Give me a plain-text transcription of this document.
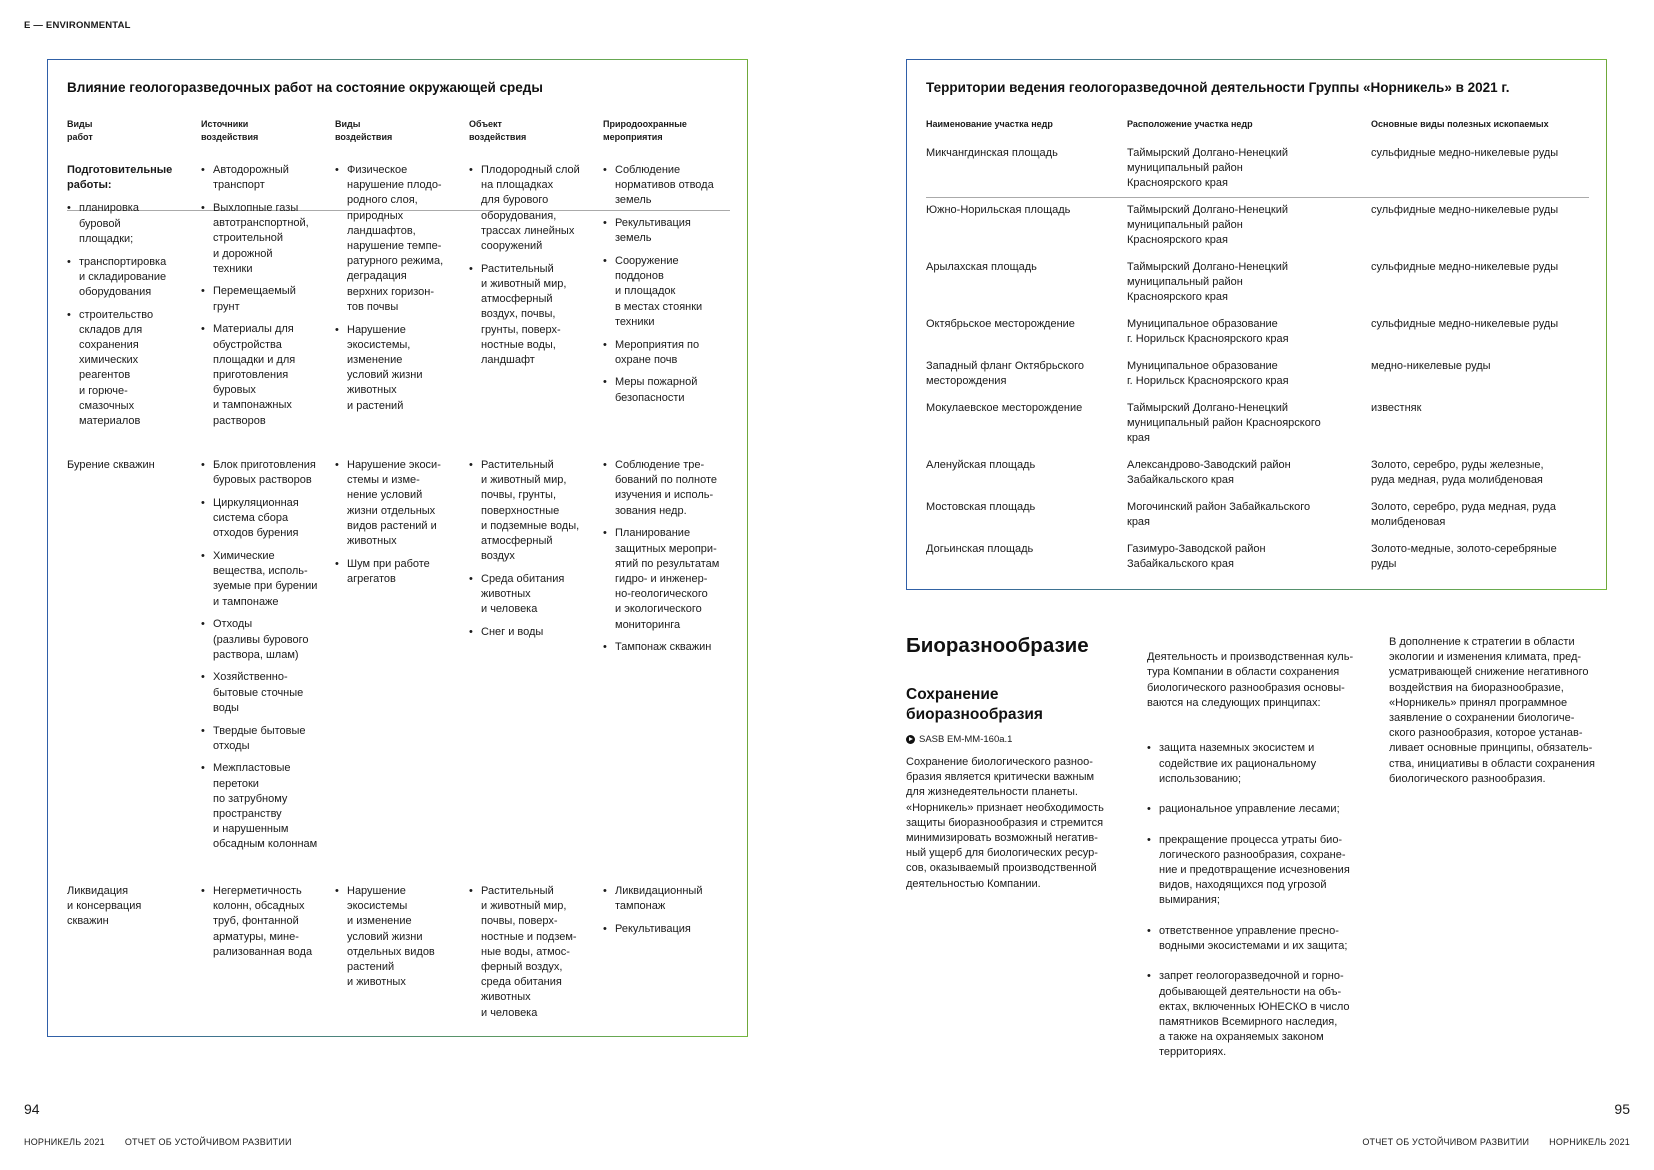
E — ENVIRONMENTAL
Влияние геологоразведочных работ на состояние окружающей среды
Виды
работ
Источники
воздействия
Виды
воздействия
Объект
воздействия
Природоохранные
мероприятия
Подготовительные
работы:
• планировка
буровой
площадки;
• транспортировка
и складирование
оборудования
• строительство
складов для
сохранения
химических
реагентов
и горюче-
смазочных
материалов
• Автодорожный
транспорт
• Выхлопные газы
автотранспортной,
строительной
и дорожной
техники
• Перемещаемый
грунт
• Материалы для
обустройства
площадки и для
приготовления
буровых
и тампонажных
растворов
• Физическое
нарушение плодо-
родного слоя,
природных
ландшафтов,
нарушение темпе-
ратурного режима,
деградация
верхних горизон-
тов почвы
• Нарушение
экосистемы,
изменение
условий жизни
животных
и растений
• Плодородный слой
на площадках
для бурового
оборудования,
трассах линейных
сооружений
• Растительный
и животный мир,
атмосферный
воздух, почвы,
грунты, поверх-
ностные воды,
ландшафт
• Соблюдение
нормативов отвода
земель
• Рекультивация
земель
• Сооружение
поддонов
и площадок
в местах стоянки
техники
• Мероприятия по
охране почв
• Меры пожарной
безопасности
Бурение скважин
•	Блок приготовления
буровых растворов
• Циркуляционная
система сбора
отходов бурения
• Химические
вещества, исполь-
зуемые при бурении
и тампонаже
• Отходы
(разливы бурового
раствора, шлам)
• Хозяйственно-
бытовые сточные
воды
• Твердые бытовые
отходы
• Межпластовые
перетоки
по затрубному
пространству
и нарушенным
обсадным колоннам
• Нарушение экоси-
стемы и изме-
нение условий
жизни отдельных
видов растений и
животных
• Шум при работе
агрегатов
• Растительный
и животный мир,
почвы, грунты,
поверхностные
и подземные воды,
атмосферный
воздух
• Среда обитания
животных
и человека
• Снег и воды
• Соблюдение тре-
бований по полноте
изучения и исполь-
зования недр.
• Планирование
защитных меропри-
ятий по результатам
гидро- и инженер-
но-геологического
и экологического
мониторинга
• Тампонаж скважин
Ликвидация
и консервация
скважин
• Негерметичность
колонн, обсадных
труб, фонтанной
арматуры, мине-
рализованная вода
• Нарушение
экосистемы
и изменение
условий жизни
отдельных видов
растений
и животных
• Растительный
и животный мир,
почвы, поверх-
ностные и подзем-
ные воды, атмос-
ферный воздух,
среда обитания
животных
и человека
• Ликвидационный
тампонаж
• Рекультивация
Территории ведения геологоразведочной деятельности Группы «Норникель» в 2021 г.
Наименование участка недр	Расположение участка недр	Основные виды полезных ископаемых
Микчангдинская площадь	Таймырский Долгано-Ненецкий
муниципальный район
Красноярского края
сульфидные медно-никелевые руды
Южно-Норильская площадь	Таймырский Долгано-Ненецкий
муниципальный район
Красноярского края
сульфидные медно-никелевые руды
Арылахская площадь	Таймырский Долгано-Ненецкий
муниципальный район
Красноярского края
сульфидные медно-никелевые руды
Октябрьское месторождение	Муниципальное образование
г. Норильск Красноярского края
сульфидные медно-никелевые руды
Западный фланг Октябрьского
месторождения
Муниципальное образование
г. Норильск Красноярского края
медно-никелевые руды
Мокулаевское месторождение	Таймырский Долгано-Ненецкий
муниципальный район Красноярского
края
известняк
Аленуйская площадь	Александрово-Заводский район
Забайкальского края
Золото, серебро, руды железные,
руда медная, руда молибденовая
Мостовская площадь	Могочинский район Забайкальского
края
Золото, серебро, руда медная, руда
молибденовая
Догьинская площадь	Газимуро-Заводской район
Забайкальского края
Золото-медные, золото-серебряные
руды
Биоразнообразие
Сохранение
биоразнообразия
SASB EM-MM-160a.1
Сохранение биологического разноо-
бразия является критически важным
для жизнедеятельности планеты.
«Норникель» признает необходимость
защиты биоразнообразия и стремится
минимизировать возможный негатив-
ный ущерб для биологических ресур-
сов, оказываемый производственной
деятельностью Компании.

Деятельность и производственная куль-
тура Компании в области сохранения
биологического разнообразия основы-
ваются на следующих принципах:

• защита наземных экосистем и
содействие их рациональному
использованию;

• рациональное управление лесами;

• прекращение процесса утраты био-
логического разнообразия, сохране-
ние и предотвращение исчезновения
видов, находящихся под угрозой
вымирания;

• ответственное управление пресно-
водными экосистемами и их защита;

• запрет геологоразведочной и горно-
добывающей деятельности на объ-
ектах, включенных ЮНЕСКО в число
памятников Всемирного наследия,
а также на охраняемых законом
территориях.

В дополнение к стратегии в области
экологии и изменения климата, пред-
усматривающей снижение негативного
воздействия на биоразнообразие,
«Норникель» принял программное
заявление о сохранении биологиче-
ского разнообразия, которое устанав-
ливает основные принципы, обязатель-
ства, инициативы в области сохранения
биологического разнообразия.
94	95
НОРНИКЕЛЬ 2021 ОТЧЕТ ОБ УСТОЙЧИВОМ РАЗВИТИИ	ОТЧЕТ ОБ УСТОЙЧИВОМ РАЗВИТИИ НОРНИКЕЛЬ 2021
